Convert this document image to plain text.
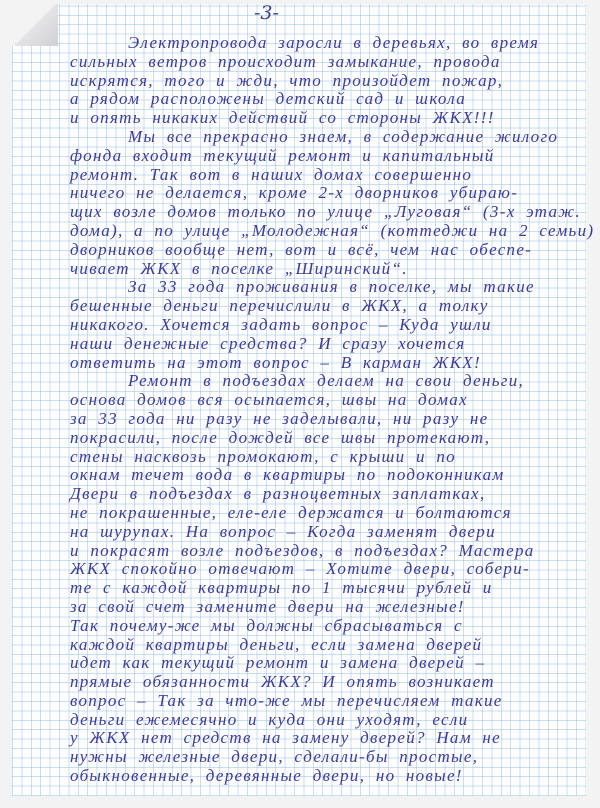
-3-
Электропровода заросли в деревьях, во время
сильных ветров происходит замыкание, провода
искрятся, того и жди, что произойдет пожар,
а рядом расположены детский сад и школа
и опять никаких действий со стороны ЖКХ!!!
Мы все прекрасно знаем, в содержание жилого
фонда входит текущий ремонт и капитальный
ремонт. Так вот в наших домах совершенно
ничего не делается, кроме 2-х дворников убираю-
щих возле домов только по улице „Луговая“ (3-х этаж.
дома), а по улице „Молодежная“ (коттеджи на 2 семьи)
дворников вообще нет, вот и всё, чем нас обеспе-
чивает ЖКХ в поселке „Ширинский“.
За 33 года проживания в поселке, мы такие
бешенные деньги перечислили в ЖКХ, а толку
никакого. Хочется задать вопрос – Куда ушли
наши денежные средства? И сразу хочется
ответить на этот вопрос – В карман ЖКХ!
Ремонт в подъездах делаем на свои деньги,
основа домов вся осыпается, швы на домах
за 33 года ни разу не заделывали, ни разу не
покрасили, после дождей все швы протекают,
стены насквозь промокают, с крыши и по
окнам течет вода в квартиры по подоконникам
Двери в подъездах в разноцветных заплатках,
не покрашенные, еле-еле держатся и болтаются
на шурупах. На вопрос – Когда заменят двери
и покрасят возле подъездов, в подъездах? Мастера
ЖКХ спокойно отвечают – Хотите двери, собери-
те с каждой квартиры по 1 тысячи рублей и
за свой счет замените двери на железные!
Так почему-же мы должны сбрасываться с
каждой квартиры деньги, если замена дверей
идет как текущий ремонт и замена дверей –
прямые обязанности ЖКХ? И опять возникает
вопрос – Так за что-же мы перечисляем такие
деньги ежемесячно и куда они уходят, если
у ЖКХ нет средств на замену дверей? Нам не
нужны железные двери, сделали-бы простые,
обыкновенные, деревянные двери, но новые!
